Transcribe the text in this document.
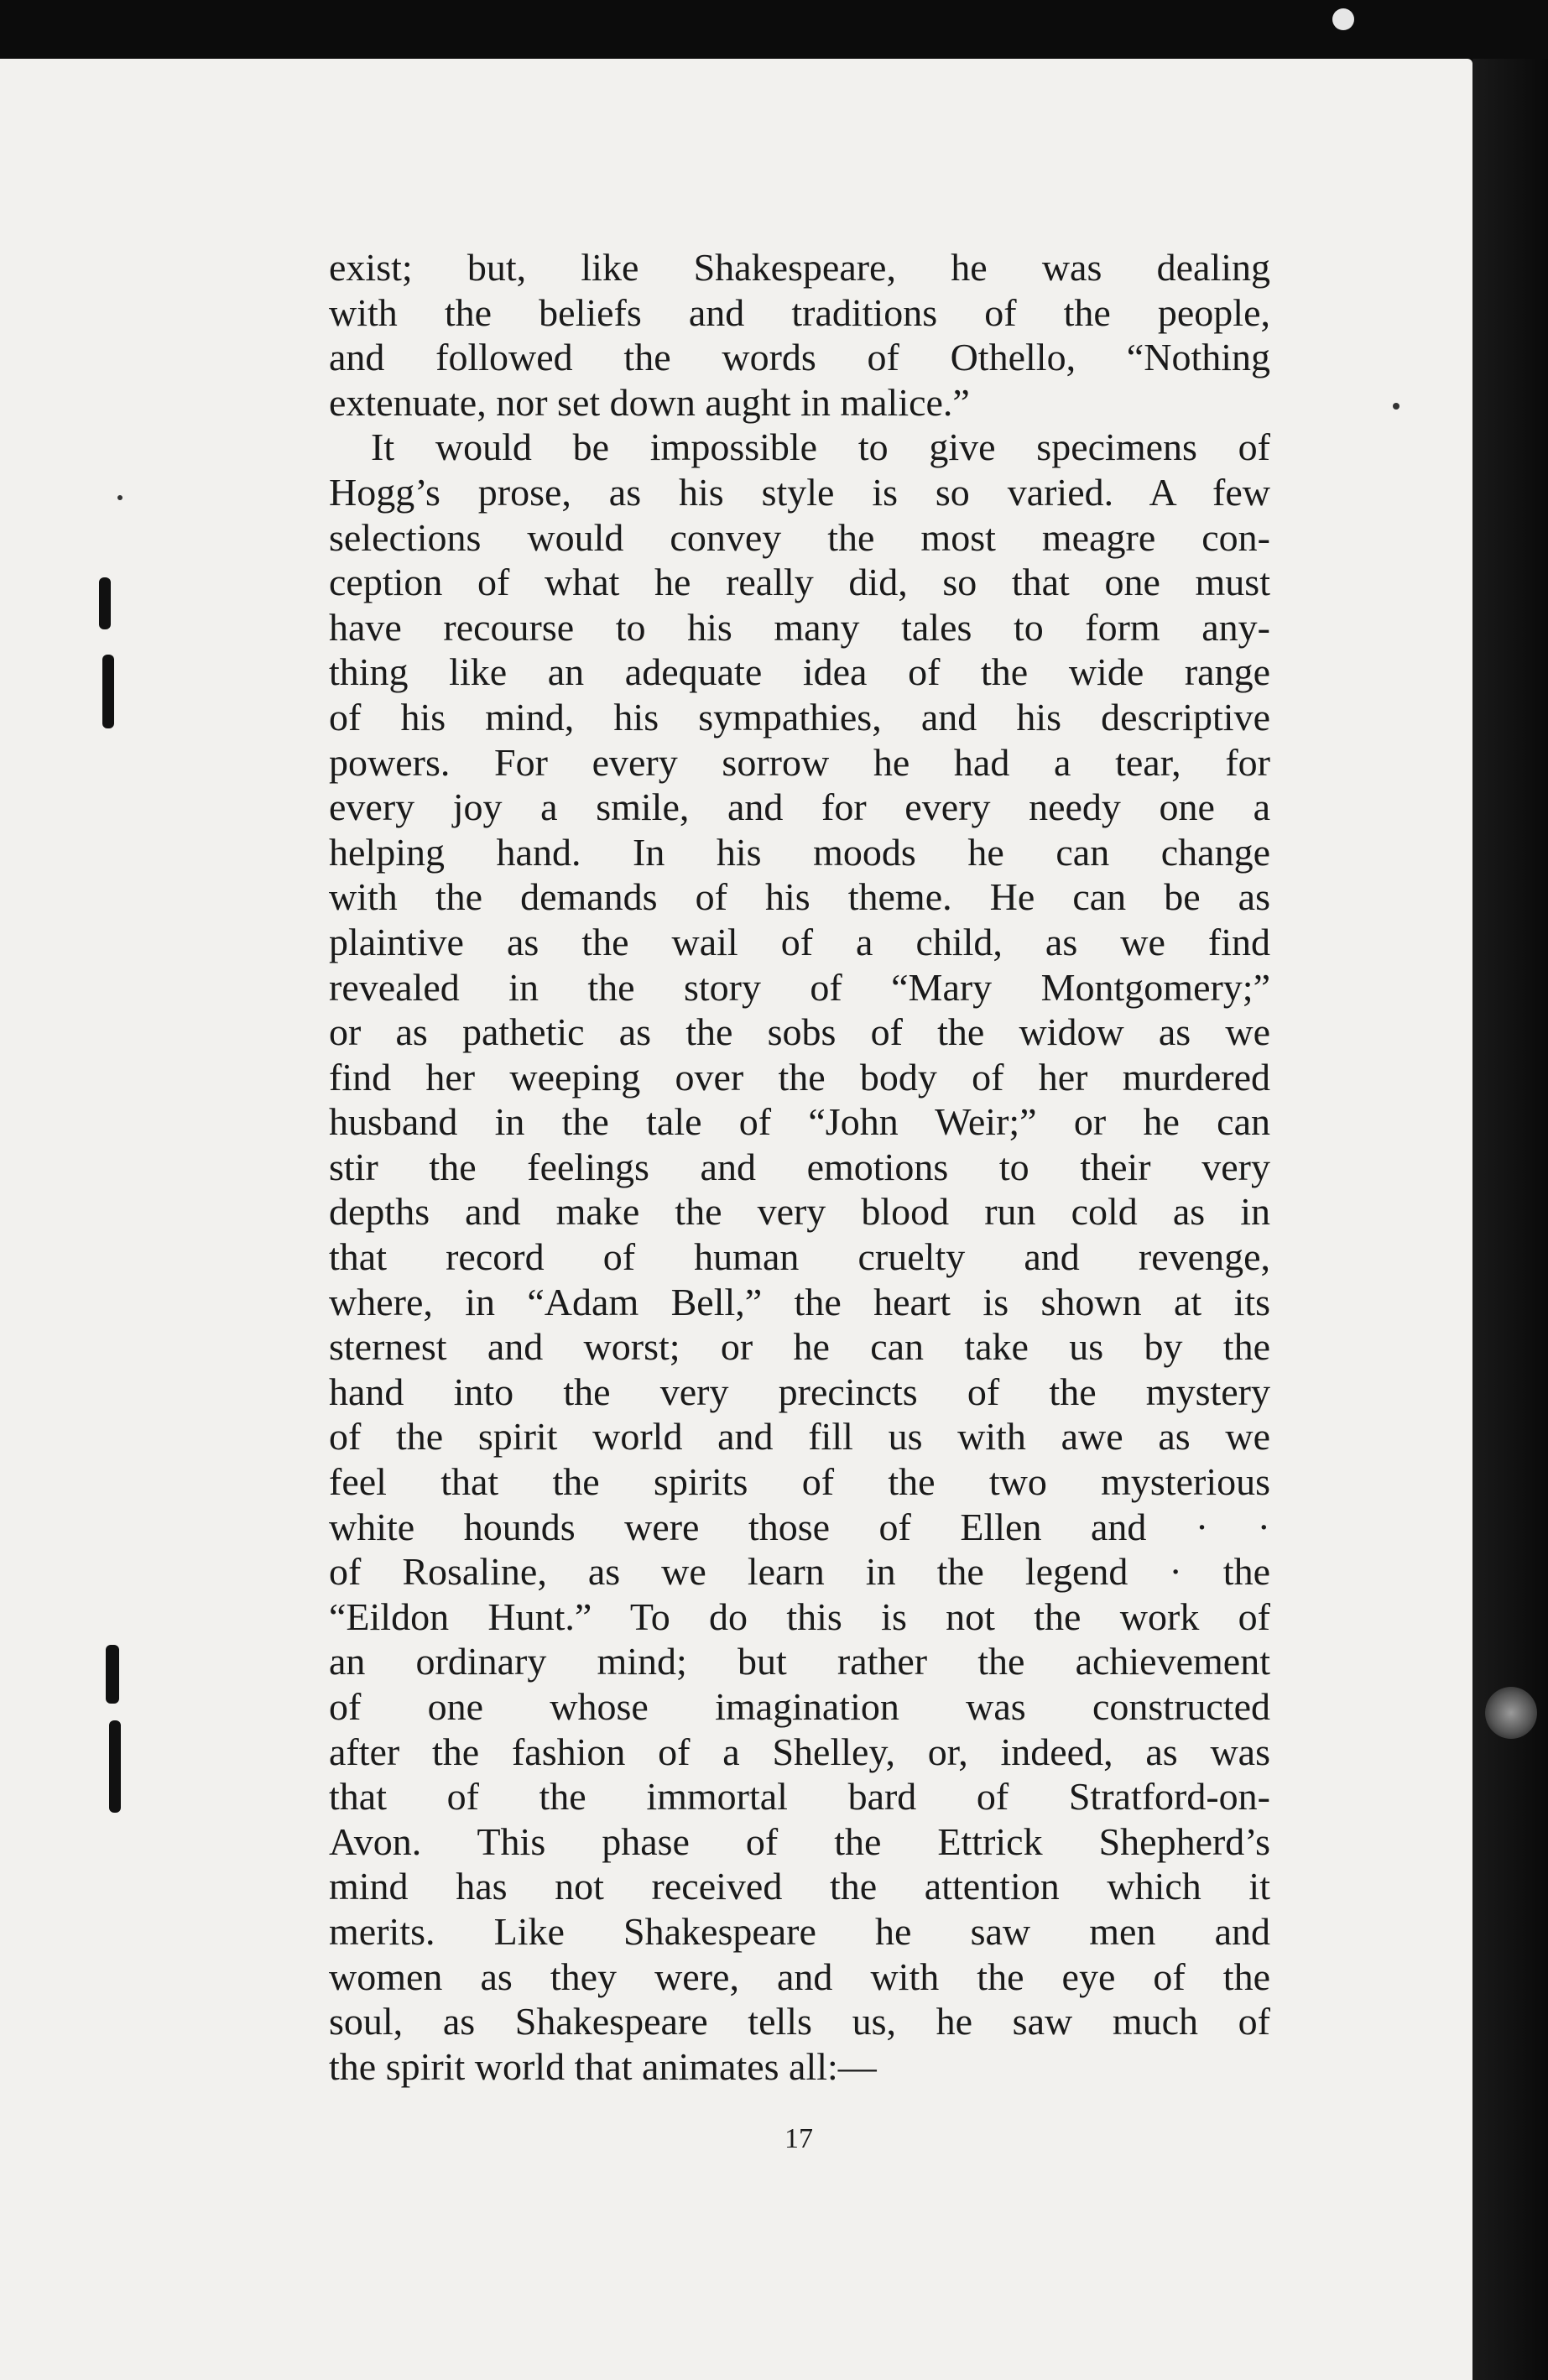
exist; but, like Shakespeare, he was dealing
with the beliefs and traditions of the people,
and followed the words of Othello, “Nothing
extenuate, nor set down aught in malice.”
It would be impossible to give specimens of
Hogg’s prose, as his style is so varied. A few
selections would convey the most meagre con-
ception of what he really did, so that one must
have recourse to his many tales to form any-
thing like an adequate idea of the wide range
of his mind, his sympathies, and his descriptive
powers. For every sorrow he had a tear, for
every joy a smile, and for every needy one a
helping hand. In his moods he can change
with the demands of his theme. He can be as
plaintive as the wail of a child, as we find
revealed in the story of “Mary Montgomery;”
or as pathetic as the sobs of the widow as we
find her weeping over the body of her murdered
husband in the tale of “John Weir;” or he can
stir the feelings and emotions to their very
depths and make the very blood run cold as in
that record of human cruelty and revenge,
where, in “Adam Bell,” the heart is shown at its
sternest and worst; or he can take us by the
hand into the very precincts of the mystery
of the spirit world and fill us with awe as we
feel that the spirits of the two mysterious
white hounds were those of Ellen and · ·
of Rosaline, as we learn in the legend · the
“Eildon Hunt.” To do this is not the work of
an ordinary mind; but rather the achievement
of one whose imagination was constructed
after the fashion of a Shelley, or, indeed, as was
that of the immortal bard of Stratford-on-
Avon. This phase of the Ettrick Shepherd’s
mind has not received the attention which it
merits. Like Shakespeare he saw men and
women as they were, and with the eye of the
soul, as Shakespeare tells us, he saw much of
the spirit world that animates all:—
17
